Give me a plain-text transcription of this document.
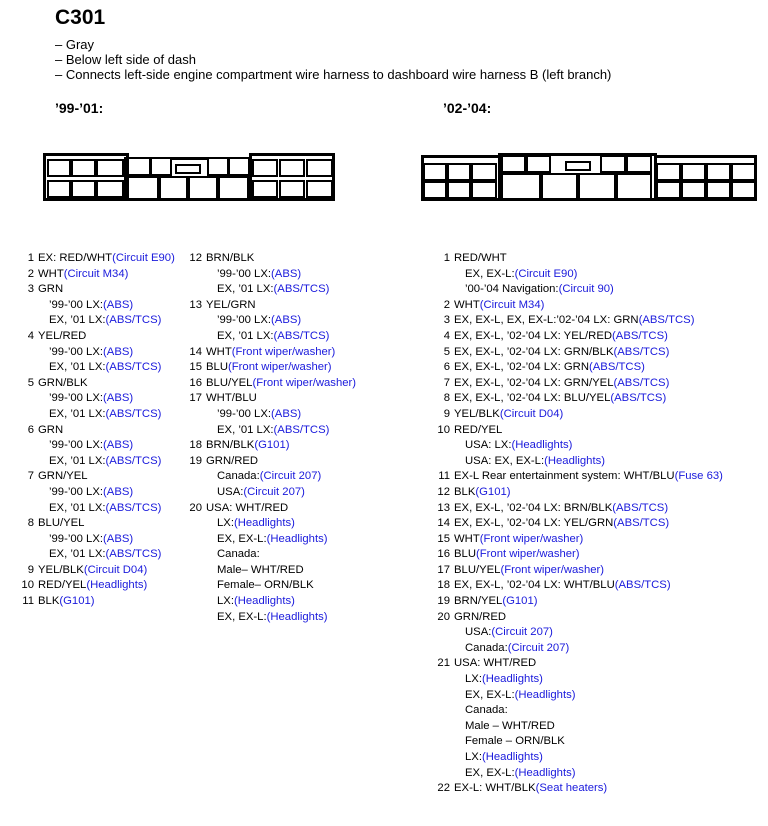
C301
– Gray
– Below left side of dash
– Connects left-side engine compartment wire harness to dashboard wire harness B (left branch)
’99-’01:	’02-’04:
1 EX: RED/WHT (Circuit E90)
2 WHT (Circuit M34)
3 GRN
’99-’00 LX: (ABS)
EX, ’01 LX: (ABS/TCS)
4 YEL/RED
’99-’00 LX: (ABS)
EX, ’01 LX: (ABS/TCS)
5 GRN/BLK
’99-’00 LX: (ABS)
EX, ’01 LX: (ABS/TCS)
6 GRN
’99-’00 LX: (ABS)
EX, ’01 LX: (ABS/TCS)
7 GRN/YEL
’99-’00 LX: (ABS)
EX, ’01 LX: (ABS/TCS)
8 BLU/YEL
’99-’00 LX: (ABS)
EX, ’01 LX: (ABS/TCS)
9 YEL/BLK (Circuit D04)
10 RED/YEL (Headlights)
11 BLK (G101)
12 BRN/BLK
’99-’00 LX: (ABS)
EX, ’01 LX: (ABS/TCS)
13 YEL/GRN
’99-’00 LX: (ABS)
EX, ’01 LX: (ABS/TCS)
14 WHT (Front wiper/washer)
15 BLU (Front wiper/washer)
16 BLU/YEL (Front wiper/washer)
17 WHT/BLU
’99-’00 LX: (ABS)
EX, ’01 LX: (ABS/TCS)
18 BRN/BLK (G101)
19 GRN/RED
Canada: (Circuit 207)
USA: (Circuit 207)
20 USA: WHT/RED
LX: (Headlights)
EX, EX-L: (Headlights)
Canada:
Male– WHT/RED
Female– ORN/BLK
LX: (Headlights)
EX, EX-L: (Headlights)
1 RED/WHT
EX, EX-L: (Circuit E90)
’00-’04 Navigation: (Circuit 90)
2 WHT (Circuit M34)
3 EX, EX-L, EX, EX-L:’02-’04 LX: GRN (ABS/TCS)
4 EX, EX-L, ’02-’04 LX: YEL/RED (ABS/TCS)
5 EX, EX-L, ’02-’04 LX: GRN/BLK (ABS/TCS)
6 EX, EX-L, ’02-’04 LX: GRN (ABS/TCS)
7 EX, EX-L, ’02-’04 LX: GRN/YEL (ABS/TCS)
8 EX, EX-L, ’02-’04 LX: BLU/YEL (ABS/TCS)
9 YEL/BLK (Circuit D04)
10 RED/YEL
USA: LX: (Headlights)
USA: EX, EX-L: (Headlights)
11 EX-L Rear entertainment system: WHT/BLU (Fuse 63)
12 BLK (G101)
13 EX, EX-L, ’02-’04 LX: BRN/BLK (ABS/TCS)
14 EX, EX-L, ’02-’04 LX: YEL/GRN (ABS/TCS)
15 WHT (Front wiper/washer)
16 BLU (Front wiper/washer)
17 BLU/YEL (Front wiper/washer)
18 EX, EX-L, ’02-’04 LX: WHT/BLU (ABS/TCS)
19 BRN/YEL (G101)
20 GRN/RED
USA: (Circuit 207)
Canada: (Circuit 207)
21 USA: WHT/RED
LX: (Headlights)
EX, EX-L: (Headlights)
Canada:
Male – WHT/RED
Female – ORN/BLK
LX: (Headlights)
EX, EX-L: (Headlights)
22 EX-L: WHT/BLK (Seat heaters)
